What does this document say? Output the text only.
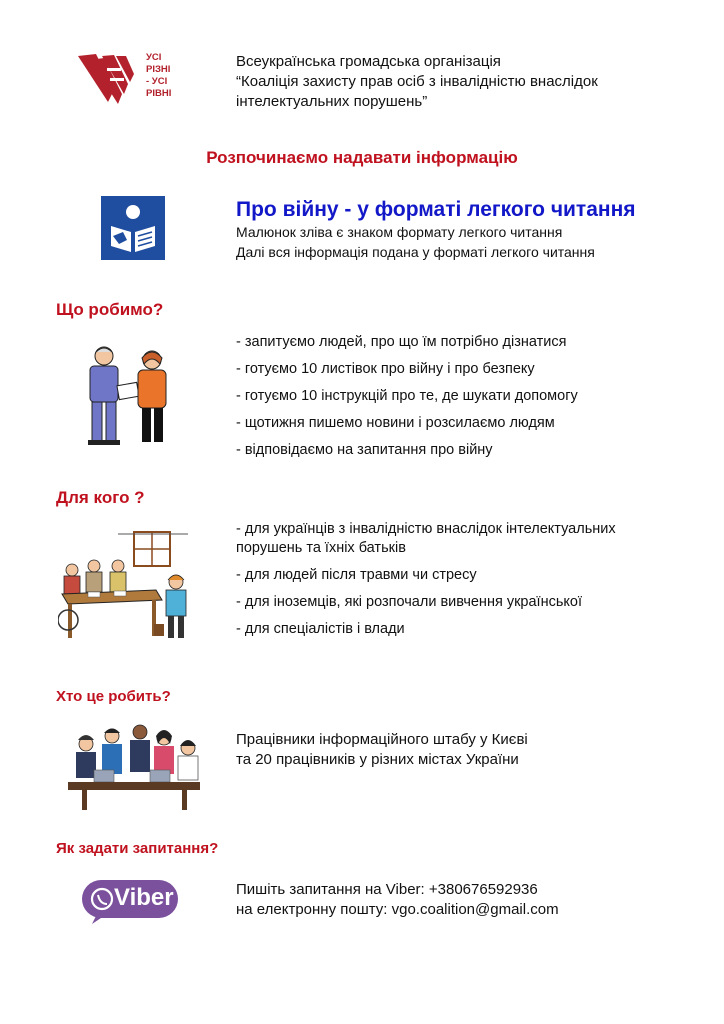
УСІ
РІЗНІ
- УСІ
РІВНІ
Всеукраїнська громадська організація
“Коаліція захисту прав осіб з інвалідністю внаслідок
інтелектуальних порушень”
Розпочинаємо надавати інформацію
Про війну - у форматі легкого читання
Малюнок зліва є знаком формату легкого читання
Далі вся інформація подана у форматі легкого читання
Що робимо?
- запитуємо людей, про що їм потрібно дізнатися
- готуємо 10 листівок про війну і про безпеку
- готуємо 10 інструкцій про те, де шукати допомогу
- щотижня пишемо новини і розсилаємо людям
- відповідаємо на запитання про війну
Для кого ?
- для українців з інвалідністю внаслідок інтелектуальних
порушень та їхніх батьків
- для людей після травми чи стресу
- для іноземців, які розпочали вивчення української
- для спеціалістів і влади
Хто це робить?
Працівники інформаційного штабу у Києві
та 20 працівників у різних містах України
Як задати запитання?
Viber	Пишіть запитання на Viber: +380676592936
на електронну пошту: vgo.coalition@gmail.com
